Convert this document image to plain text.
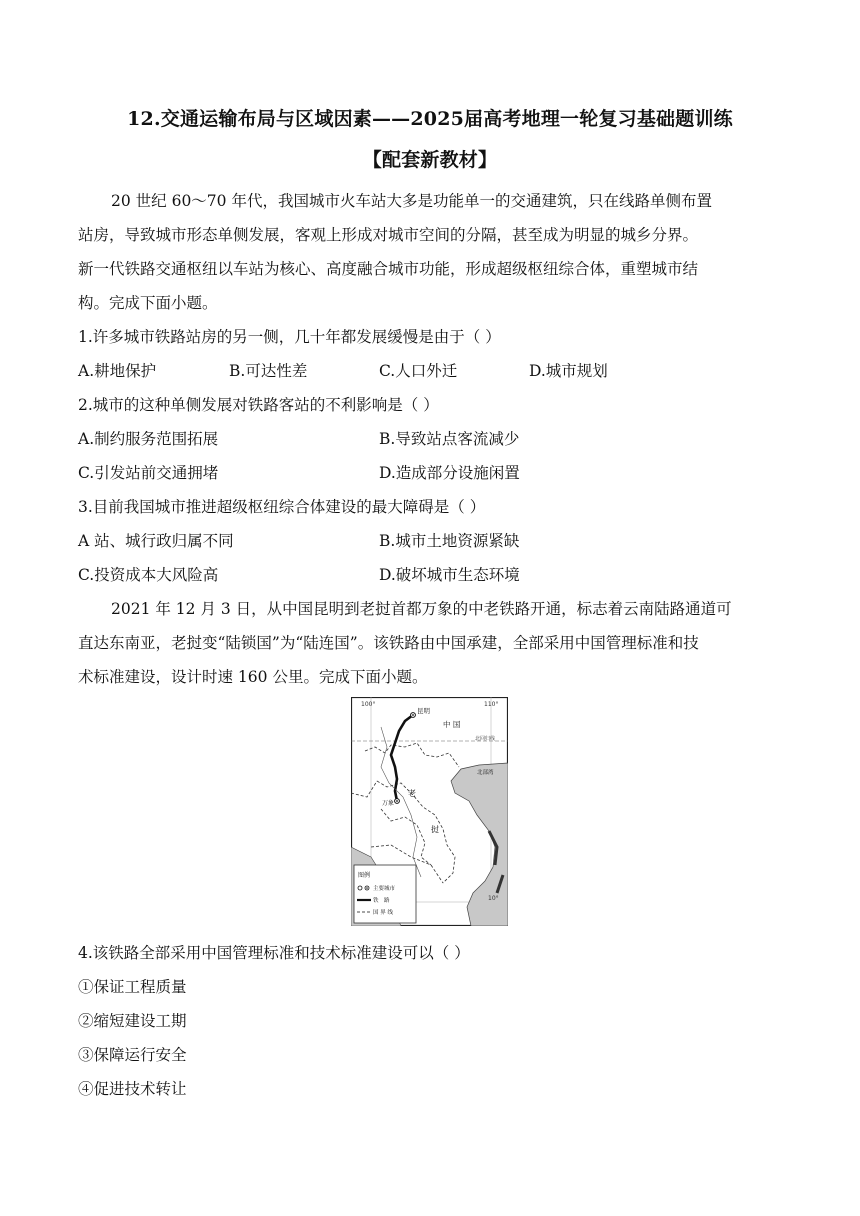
12.交通运输布局与区域因素——2025届高考地理一轮复习基础题训练
【配套新教材】
20 世纪 60～70 年代，我国城市火车站大多是功能单一的交通建筑，只在线路单侧布置
站房，导致城市形态单侧发展，客观上形成对城市空间的分隔，甚至成为明显的城乡分界。
新一代铁路交通枢纽以车站为核心、高度融合城市功能，形成超级枢纽综合体，重塑城市结
构。完成下面小题。
1.许多城市铁路站房的另一侧，几十年都发展缓慢是由于（ ）
A.耕地保护	B.可达性差	C.人口外迁	D.城市规划
2.城市的这种单侧发展对铁路客站的不利影响是（ ）
A.制约服务范围拓展	B.导致站点客流减少
C.引发站前交通拥堵	D.造成部分设施闲置
3.目前我国城市推进超级枢纽综合体建设的最大障碍是（ ）
A 站、城行政归属不同	B.城市土地资源紧缺
C.投资成本大风险高	D.破坏城市生态环境
2021 年 12 月 3 日，从中国昆明到老挝首都万象的中老铁路开通，标志着云南陆路通道可
直达东南亚，老挝变“陆锁国”为“陆连国”。该铁路由中国承建，全部采用中国管理标准和技
术标准建设，设计时速 160 公里。完成下面小题。
100°	110°
昆明
中 国
北回归线
北部湾
老
万象
挝
10°
图例
主要城市
铁　路
国 界 线
4.该铁路全部采用中国管理标准和技术标准建设可以（ ）
①保证工程质量
②缩短建设工期
③保障运行安全
④促进技术转让
